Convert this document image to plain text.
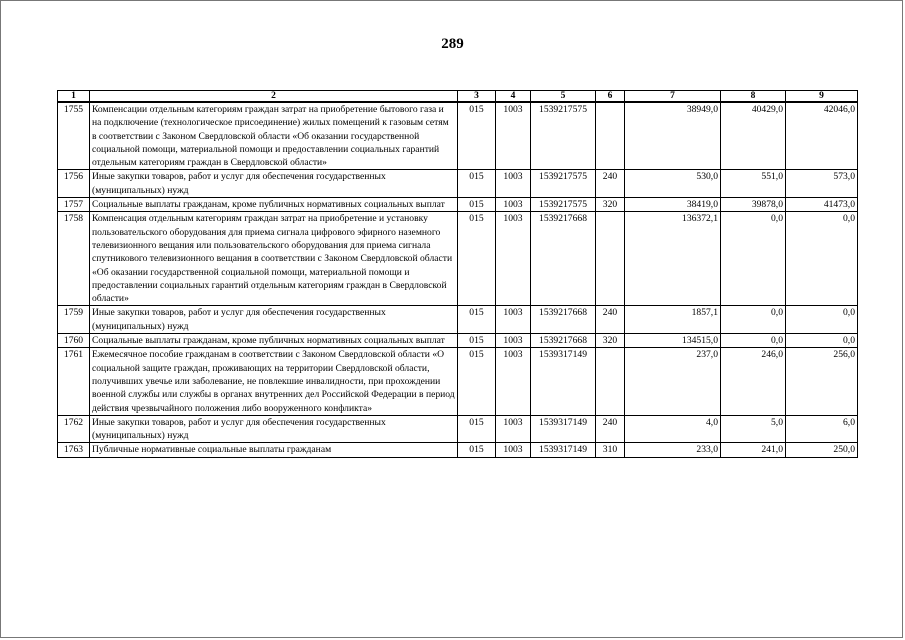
289
1	2	3	4	5	6	7	8	9
1755	Компенсации отдельным категориям граждан затрат на приобретение бытового газа и на подключение (технологическое присоединение) жилых помещений к газовым сетям в соответствии с Законом Свердловской области «Об оказании государственной социальной помощи, материальной помощи и предоставлении социальных гарантий отдельным категориям граждан в Свердловской области»	015	1003	1539217575		38949,0	40429,0	42046,0
1756	Иные закупки товаров, работ и услуг для обеспечения государственных (муниципальных) нужд	015	1003	1539217575	240	530,0	551,0	573,0
1757	Социальные выплаты гражданам, кроме публичных нормативных социальных выплат	015	1003	1539217575	320	38419,0	39878,0	41473,0
1758	Компенсация отдельным категориям граждан затрат на приобретение и установку пользовательского оборудования для приема сигнала цифрового эфирного наземного телевизионного вещания или пользовательского оборудования для приема сигнала спутникового телевизионного вещания в соответствии с Законом Свердловской области «Об оказании государственной социальной помощи, материальной помощи и предоставлении социальных гарантий отдельным категориям граждан в Свердловской области»	015	1003	1539217668		136372,1	0,0	0,0
1759	Иные закупки товаров, работ и услуг для обеспечения государственных (муниципальных) нужд	015	1003	1539217668	240	1857,1	0,0	0,0
1760	Социальные выплаты гражданам, кроме публичных нормативных социальных выплат	015	1003	1539217668	320	134515,0	0,0	0,0
1761	Ежемесячное пособие гражданам в соответствии с Законом Свердловской области «О социальной защите граждан, проживающих на территории Свердловской области, получивших увечье или заболевание, не повлекшие инвалидности, при прохождении военной службы или службы в органах внутренних дел Российской Федерации в период действия чрезвычайного положения либо вооруженного конфликта»	015	1003	1539317149		237,0	246,0	256,0
1762	Иные закупки товаров, работ и услуг для обеспечения государственных (муниципальных) нужд	015	1003	1539317149	240	4,0	5,0	6,0
1763	Публичные нормативные социальные выплаты гражданам	015	1003	1539317149	310	233,0	241,0	250,0
